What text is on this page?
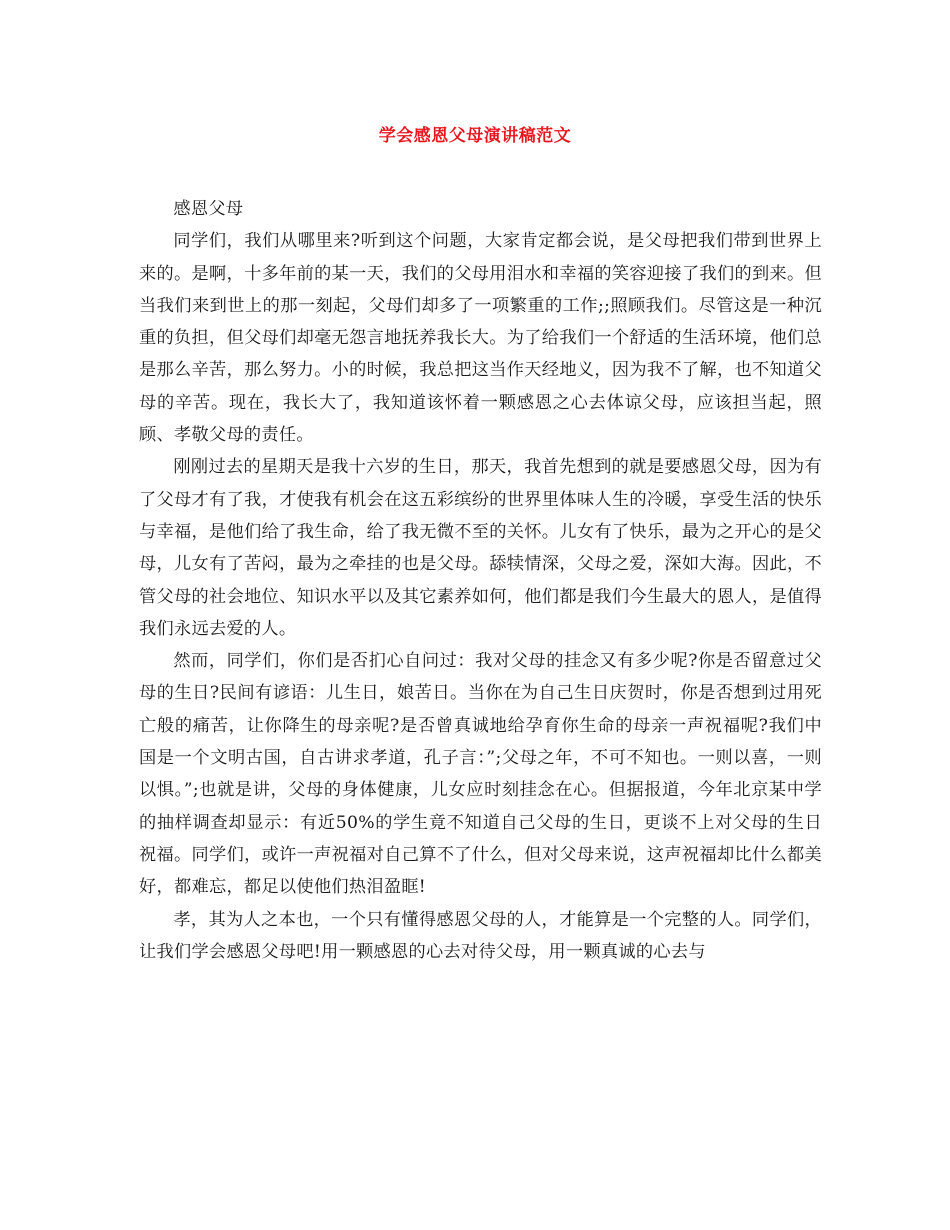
学会感恩父母演讲稿范文

感恩父母

同学们，我们从哪里来?听到这个问题，大家肯定都会说，是父母把我们带到世界上来的。是啊，十多年前的某一天，我们的父母用泪水和幸福的笑容迎接了我们的到来。但当我们来到世上的那一刻起，父母们却多了一项繁重的工作;;照顾我们。尽管这是一种沉重的负担，但父母们却毫无怨言地抚养我长大。为了给我们一个舒适的生活环境，他们总是那么辛苦，那么努力。小的时候，我总把这当作天经地义，因为我不了解，也不知道父母的辛苦。现在，我长大了，我知道该怀着一颗感恩之心去体谅父母，应该担当起，照顾、孝敬父母的责任。

刚刚过去的星期天是我十六岁的生日，那天，我首先想到的就是要感恩父母，因为有了父母才有了我，才使我有机会在这五彩缤纷的世界里体味人生的冷暖，享受生活的快乐与幸福，是他们给了我生命，给了我无微不至的关怀。儿女有了快乐，最为之开心的是父母，儿女有了苦闷，最为之牵挂的也是父母。舔犊情深，父母之爱，深如大海。因此，不管父母的社会地位、知识水平以及其它素养如何，他们都是我们今生最大的恩人，是值得我们永远去爱的人。

然而，同学们，你们是否扪心自问过：我对父母的挂念又有多少呢?你是否留意过父母的生日?民间有谚语：儿生日，娘苦日。当你在为自己生日庆贺时，你是否想到过用死亡般的痛苦，让你降生的母亲呢?是否曾真诚地给孕育你生命的母亲一声祝福呢?我们中国是一个文明古国，自古讲求孝道，孔子言：”;父母之年，不可不知也。一则以喜，一则以惧。”;也就是讲，父母的身体健康，儿女应时刻挂念在心。但据报道，今年北京某中学的抽样调查却显示：有近50%的学生竟不知道自己父母的生日，更谈不上对父母的生日祝福。同学们，或许一声祝福对自己算不了什么，但对父母来说，这声祝福却比什么都美好，都难忘，都足以使他们热泪盈眶!

孝，其为人之本也，一个只有懂得感恩父母的人，才能算是一个完整的人。同学们，让我们学会感恩父母吧!用一颗感恩的心去对待父母，用一颗真诚的心去与
